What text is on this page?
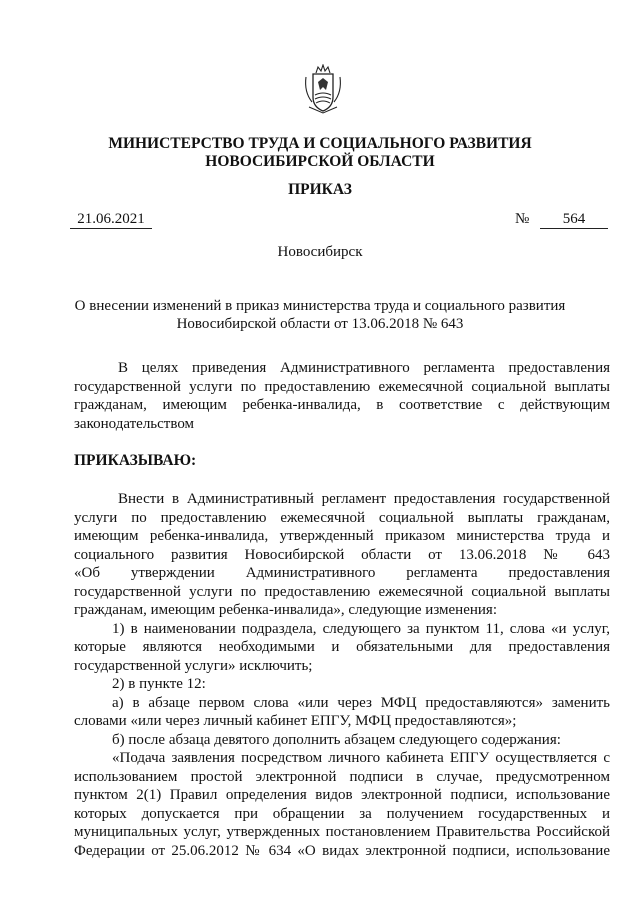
МИНИСТЕРСТВО ТРУДА И СОЦИАЛЬНОГО РАЗВИТИЯ
НОВОСИБИРСКОЙ ОБЛАСТИ
ПРИКАЗ
21.06.2021	№	564
Новосибирск
О внесении изменений в приказ министерства труда и социального развития
Новосибирской области от 13.06.2018 № 643
В целях приведения Административного регламента предоставления
государственной услуги по предоставлению ежемесячной социальной выплаты
гражданам, имеющим ребенка-инвалида, в соответствие с действующим
законодательством
ПРИКАЗЫВАЮ:
Внести в Административный регламент предоставления государственной
услуги по предоставлению ежемесячной социальной выплаты гражданам,
имеющим ребенка-инвалида, утвержденный приказом министерства труда и
социального развития Новосибирской области от 13.06.2018 № 643
«Об утверждении Административного регламента предоставления
государственной услуги по предоставлению ежемесячной социальной выплаты
гражданам, имеющим ребенка-инвалида», следующие изменения:
1) в наименовании подраздела, следующего за пунктом 11, слова «и услуг,
которые являются необходимыми и обязательными для предоставления
государственной услуги» исключить;
2) в пункте 12:
а) в абзаце первом слова «или через МФЦ предоставляются» заменить
словами «или через личный кабинет ЕПГУ, МФЦ предоставляются»;
б) после абзаца девятого дополнить абзацем следующего содержания:
«Подача заявления посредством личного кабинета ЕПГУ осуществляется с
использованием простой электронной подписи в случае, предусмотренном
пунктом 2(1) Правил определения видов электронной подписи, использование
которых допускается при обращении за получением государственных и
муниципальных услуг, утвержденных постановлением Правительства Российской
Федерации от 25.06.2012 № 634 «О видах электронной подписи, использование
